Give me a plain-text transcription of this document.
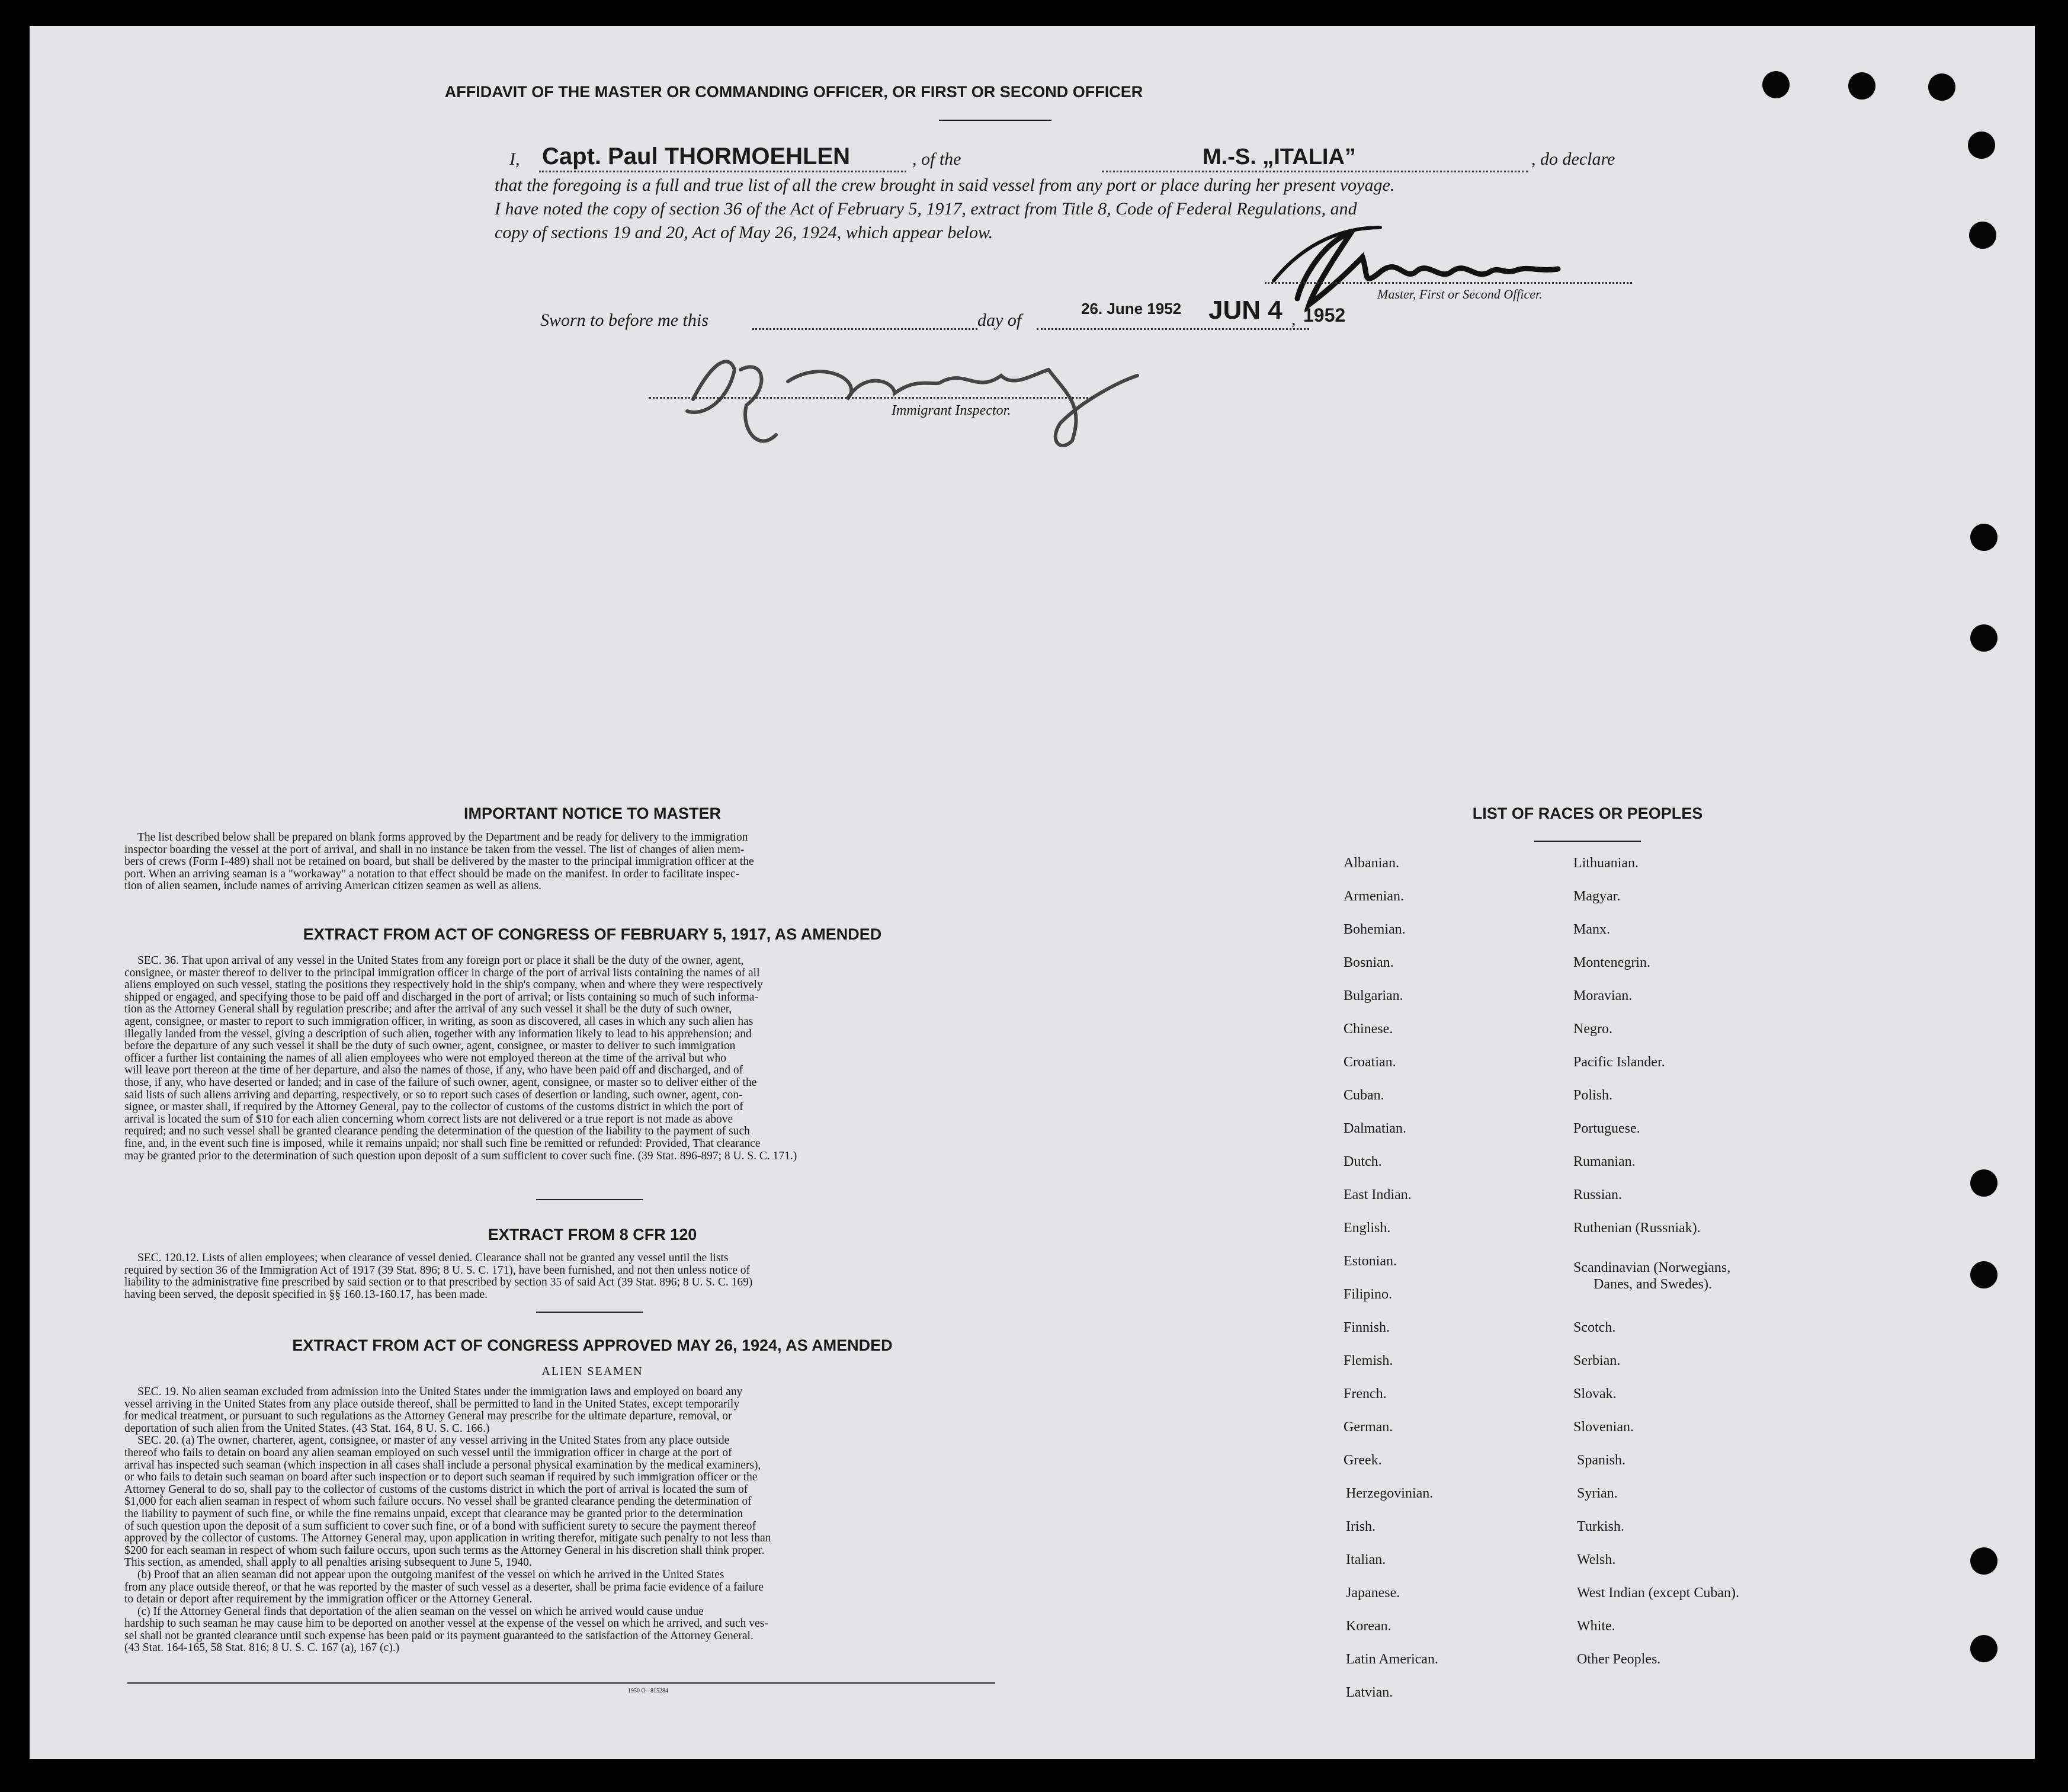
AFFIDAVIT OF THE MASTER OR COMMANDING OFFICER, OR FIRST OR SECOND OFFICER
I, Capt. Paul THORMOEHLEN	, of the	M.-S. „ITALIA”	, do declare
that the foregoing is a full and true list of all the crew brought in said vessel from any port or place during her present voyage.
I have noted the copy of section 36 of the Act of February 5, 1917, extract from Title 8, Code of Federal Regulations, and
copy of sections 19 and 20, Act of May 26, 1924, which appear below.
Master, First or Second Officer.
Sworn to before me this	day of
26. June 1952 JUN 4 , 1952
Immigrant Inspector.
IMPORTANT NOTICE TO MASTER
The list described below shall be prepared on blank forms approved by the Department and be ready for delivery to the immigration
inspector boarding the vessel at the port of arrival, and shall in no instance be taken from the vessel. The list of changes of alien mem-
bers of crews (Form I-489) shall not be retained on board, but shall be delivered by the master to the principal immigration officer at the
port. When an arriving seaman is a "workaway" a notation to that effect should be made on the manifest. In order to facilitate inspec-
tion of alien seamen, include names of arriving American citizen seamen as well as aliens.
EXTRACT FROM ACT OF CONGRESS OF FEBRUARY 5, 1917, AS AMENDED
SEC. 36. That upon arrival of any vessel in the United States from any foreign port or place it shall be the duty of the owner, agent,
consignee, or master thereof to deliver to the principal immigration officer in charge of the port of arrival lists containing the names of all
aliens employed on such vessel, stating the positions they respectively hold in the ship's company, when and where they were respectively
shipped or engaged, and specifying those to be paid off and discharged in the port of arrival; or lists containing so much of such informa-
tion as the Attorney General shall by regulation prescribe; and after the arrival of any such vessel it shall be the duty of such owner,
agent, consignee, or master to report to such immigration officer, in writing, as soon as discovered, all cases in which any such alien has
illegally landed from the vessel, giving a description of such alien, together with any information likely to lead to his apprehension; and
before the departure of any such vessel it shall be the duty of such owner, agent, consignee, or master to deliver to such immigration
officer a further list containing the names of all alien employees who were not employed thereon at the time of the arrival but who
will leave port thereon at the time of her departure, and also the names of those, if any, who have been paid off and discharged, and of
those, if any, who have deserted or landed; and in case of the failure of such owner, agent, consignee, or master so to deliver either of the
said lists of such aliens arriving and departing, respectively, or so to report such cases of desertion or landing, such owner, agent, con-
signee, or master shall, if required by the Attorney General, pay to the collector of customs of the customs district in which the port of
arrival is located the sum of $10 for each alien concerning whom correct lists are not delivered or a true report is not made as above
required; and no such vessel shall be granted clearance pending the determination of the question of the liability to the payment of such
fine, and, in the event such fine is imposed, while it remains unpaid; nor shall such fine be remitted or refunded: Provided, That clearance
may be granted prior to the determination of such question upon deposit of a sum sufficient to cover such fine. (39 Stat. 896-897; 8 U. S. C. 171.)
EXTRACT FROM 8 CFR 120
SEC. 120.12. Lists of alien employees; when clearance of vessel denied. Clearance shall not be granted any vessel until the lists
required by section 36 of the Immigration Act of 1917 (39 Stat. 896; 8 U. S. C. 171), have been furnished, and not then unless notice of
liability to the administrative fine prescribed by said section or to that prescribed by section 35 of said Act (39 Stat. 896; 8 U. S. C. 169)
having been served, the deposit specified in §§ 160.13-160.17, has been made.
EXTRACT FROM ACT OF CONGRESS APPROVED MAY 26, 1924, AS AMENDED
ALIEN SEAMEN
SEC. 19. No alien seaman excluded from admission into the United States under the immigration laws and employed on board any
vessel arriving in the United States from any place outside thereof, shall be permitted to land in the United States, except temporarily
for medical treatment, or pursuant to such regulations as the Attorney General may prescribe for the ultimate departure, removal, or
deportation of such alien from the United States. (43 Stat. 164, 8 U. S. C. 166.)
SEC. 20. (a) The owner, charterer, agent, consignee, or master of any vessel arriving in the United States from any place outside
thereof who fails to detain on board any alien seaman employed on such vessel until the immigration officer in charge at the port of
arrival has inspected such seaman (which inspection in all cases shall include a personal physical examination by the medical examiners),
or who fails to detain such seaman on board after such inspection or to deport such seaman if required by such immigration officer or the
Attorney General to do so, shall pay to the collector of customs of the customs district in which the port of arrival is located the sum of
$1,000 for each alien seaman in respect of whom such failure occurs. No vessel shall be granted clearance pending the determination of
the liability to payment of such fine, or while the fine remains unpaid, except that clearance may be granted prior to the determination
of such question upon the deposit of a sum sufficient to cover such fine, or of a bond with sufficient surety to secure the payment thereof
approved by the collector of customs. The Attorney General may, upon application in writing therefor, mitigate such penalty to not less than
$200 for each seaman in respect of whom such failure occurs, upon such terms as the Attorney General in his discretion shall think proper.
This section, as amended, shall apply to all penalties arising subsequent to June 5, 1940.
(b) Proof that an alien seaman did not appear upon the outgoing manifest of the vessel on which he arrived in the United States
from any place outside thereof, or that he was reported by the master of such vessel as a deserter, shall be prima facie evidence of a failure
to detain or deport after requirement by the immigration officer or the Attorney General.
(c) If the Attorney General finds that deportation of the alien seaman on the vessel on which he arrived would cause undue
hardship to such seaman he may cause him to be deported on another vessel at the expense of the vessel on which he arrived, and such ves-
sel shall not be granted clearance until such expense has been paid or its payment guaranteed to the satisfaction of the Attorney General.
(43 Stat. 164-165, 58 Stat. 816; 8 U. S. C. 167 (a), 167 (c).)
1950 O - 815284
LIST OF RACES OR PEOPLES
Albanian.
Armenian.
Bohemian.
Bosnian.
Bulgarian.
Chinese.
Croatian.
Cuban.
Dalmatian.
Dutch.
East Indian.
English.
Estonian.
Filipino.
Finnish.
Flemish.
French.
German.
Greek.
Herzegovinian.
Irish.
Italian.
Japanese.
Korean.
Latin American.
Latvian.
Lithuanian.
Magyar.
Manx.
Montenegrin.
Moravian.
Negro.
Pacific Islander.
Polish.
Portuguese.
Rumanian.
Russian.
Ruthenian (Russniak).
Scandinavian (Norwegians,
Danes, and Swedes).
Scotch.
Serbian.
Slovak.
Slovenian.
Spanish.
Syrian.
Turkish.
Welsh.
West Indian (except Cuban).
White.
Other Peoples.
